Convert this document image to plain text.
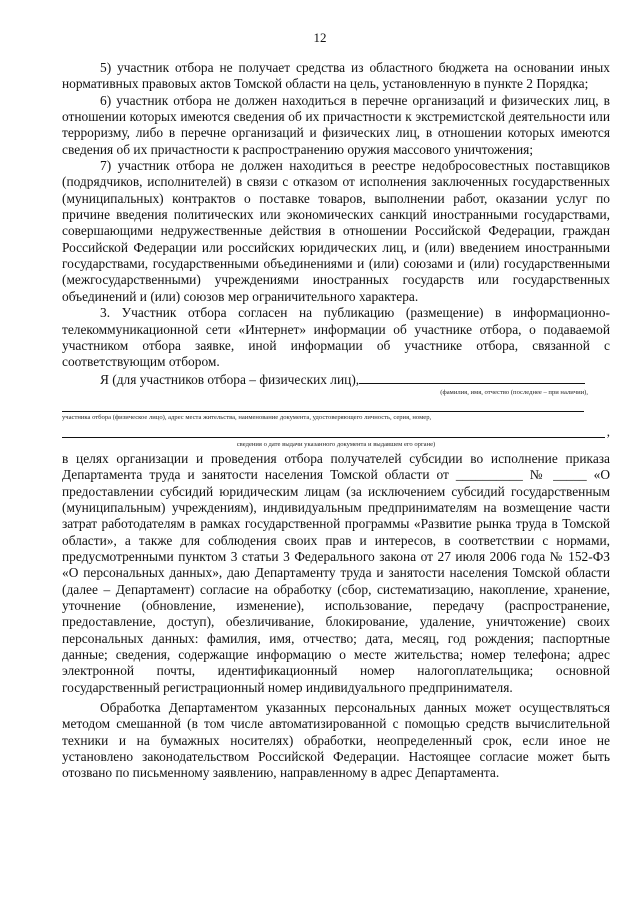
12

5) участник отбора не получает средства из областного бюджета на основании иных нормативных правовых актов Томской области на цель, установленную в пункте 2 Порядка;

6) участник отбора не должен находиться в перечне организаций и физических лиц, в отношении которых имеются сведения об их причастности к экстремистской деятельности или терроризму, либо в перечне организаций и физических лиц, в отношении которых имеются сведения об их причастности к распространению оружия массового уничтожения;

7) участник отбора не должен находиться в реестре недобросовестных поставщиков (подрядчиков, исполнителей) в связи с отказом от исполнения заключенных государственных (муниципальных) контрактов о поставке товаров, выполнении работ, оказании услуг по причине введения политических или экономических санкций иностранными государствами, совершающими недружественные действия в отношении Российской Федерации, граждан Российской Федерации или российских юридических лиц, и (или) введением иностранными государствами, государственными объединениями и (или) союзами и (или) государственными (межгосударственными) учреждениями иностранных государств или государственных объединений и (или) союзов мер ограничительного характера.

3. Участник отбора согласен на публикацию (размещение) в информационно-телекоммуникационной сети «Интернет» информации об участнике отбора, о подаваемой участником отбора заявке, иной информации об участнике отбора, связанной с соответствующим отбором.

Я (для участников отбора – физических лиц),

(фамилия, имя, отчество (последнее – при наличии),

участника отбора (физическое лицо), адрес места жительства, наименование документа, удостоверяющего личность, серия, номер,

,

сведения о дате выдачи указанного документа и выдавшем его органе)

в целях организации и проведения отбора получателей субсидии во исполнение приказа Департамента труда и занятости населения Томской области от __________ № _____ «О предоставлении субсидий юридическим лицам (за исключением субсидий государственным (муниципальным) учреждениям), индивидуальным предпринимателям на возмещение части затрат работодателям в рамках государственной программы «Развитие рынка труда в Томской области», а также для соблюдения своих прав и интересов, в соответствии с нормами, предусмотренными пунктом 3 статьи 3 Федерального закона от 27 июля 2006 года № 152-ФЗ «О персональных данных», даю Департаменту труда и занятости населения Томской области (далее – Департамент) согласие на обработку (сбор, систематизацию, накопление, хранение, уточнение (обновление, изменение), использование, передачу (распространение, предоставление, доступ), обезличивание, блокирование, удаление, уничтожение) своих персональных данных: фамилия, имя, отчество; дата, месяц, год рождения; паспортные данные; сведения, содержащие информацию о месте жительства; номер телефона; адрес электронной почты, идентификационный номер налогоплательщика; основной государственный регистрационный номер индивидуального предпринимателя.

Обработка Департаментом указанных персональных данных может осуществляться методом смешанной (в том числе автоматизированной с помощью средств вычислительной техники и на бумажных носителях) обработки, неопределенный срок, если иное не установлено законодательством Российской Федерации. Настоящее согласие может быть отозвано по письменному заявлению, направленному в адрес Департамента.
